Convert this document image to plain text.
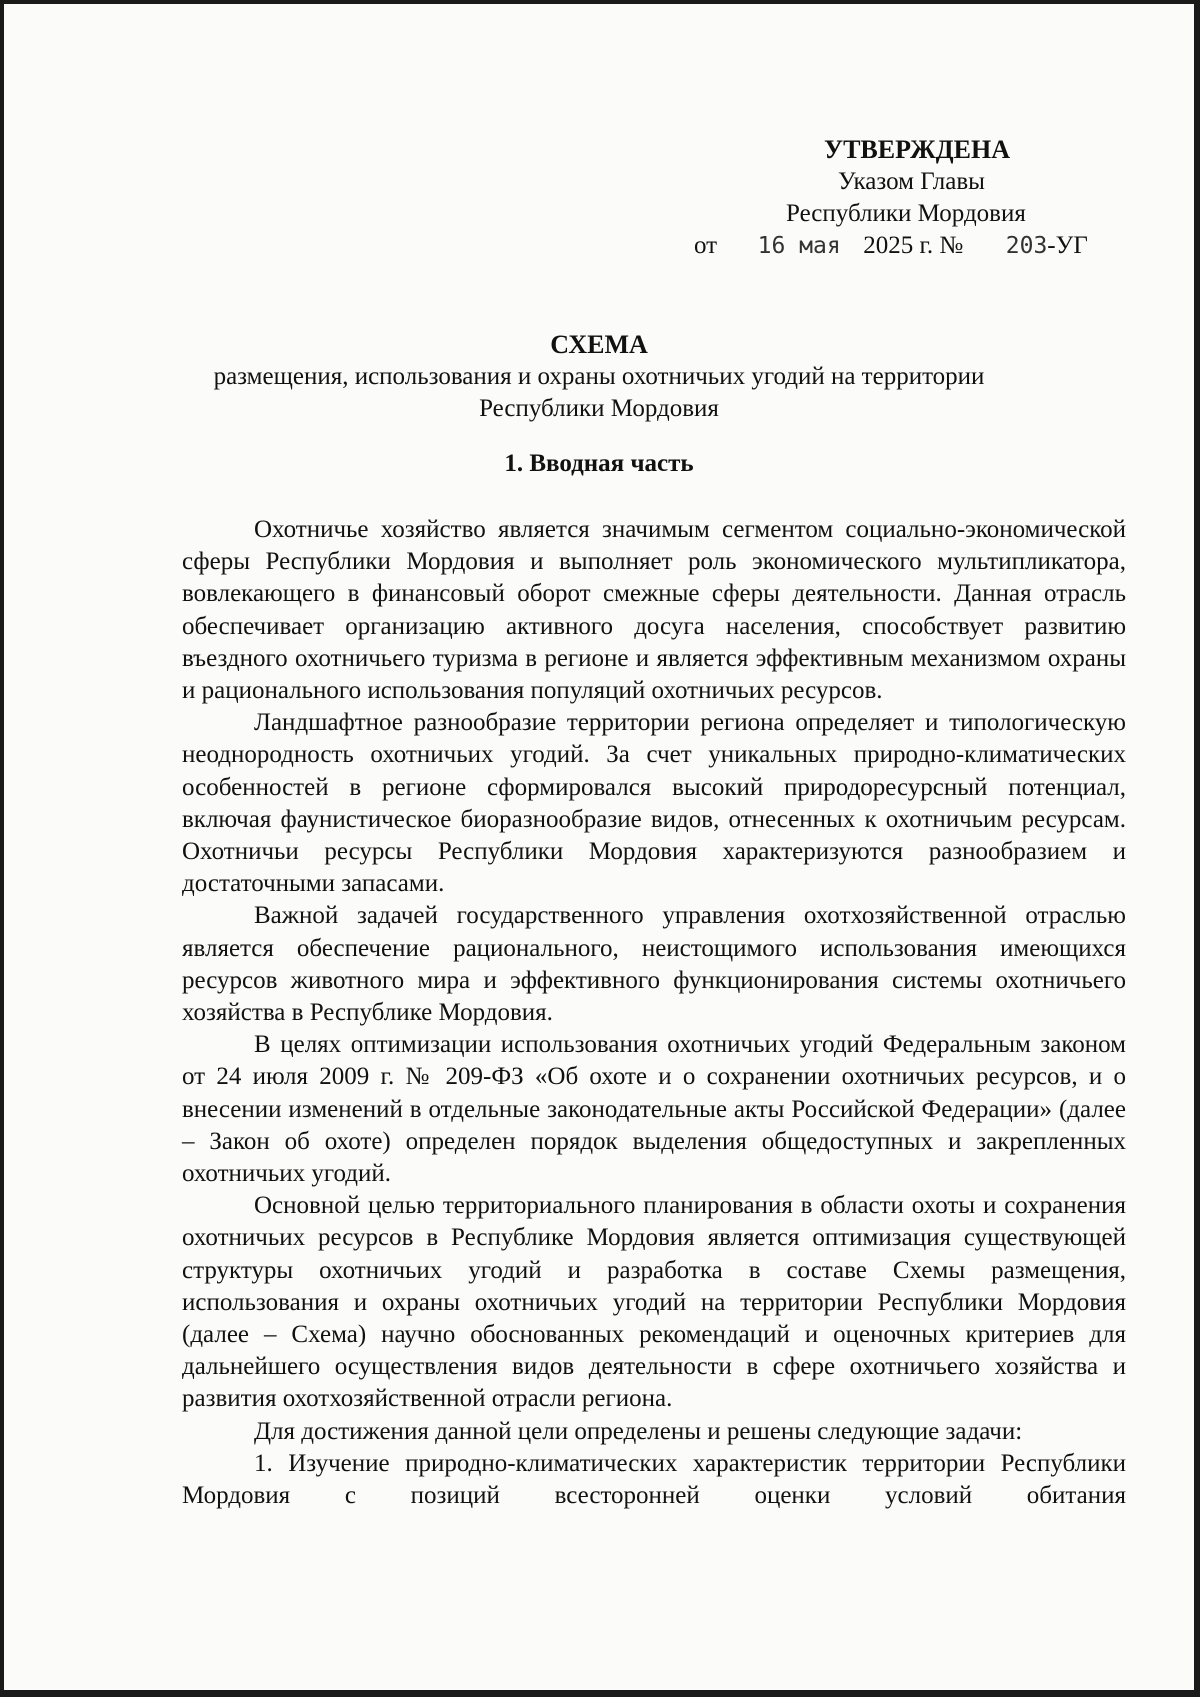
УТВЕРЖДЕНА
Указом Главы
Республики Мордовия
от 16 мая 2025 г. № 203-УГ
СХЕМА
размещения, использования и охраны охотничьих угодий на территории
Республики Мордовия
1. Вводная часть

Охотничье хозяйство является значимым сегментом социально-экономической сферы Республики Мордовия и выполняет роль экономического мультипликатора, вовлекающего в финансовый оборот смежные сферы деятельности. Данная отрасль обеспечивает организацию активного досуга населения, способствует развитию въездного охотничьего туризма в регионе и является эффективным механизмом охраны и рационального использования популяций охотничьих ресурсов.

Ландшафтное разнообразие территории региона определяет и типологическую неоднородность охотничьих угодий. За счет уникальных природно-климатических особенностей в регионе сформировался высокий природоресурсный потенциал, включая фаунистическое биоразнообразие видов, отнесенных к охотничьим ресурсам. Охотничьи ресурсы Республики Мордовия характеризуются разнообразием и достаточными запасами.

Важной задачей государственного управления охотхозяйственной отраслью является обеспечение рационального, неистощимого использования имеющихся ресурсов животного мира и эффективного функционирования системы охотничьего хозяйства в Республике Мордовия.

В целях оптимизации использования охотничьих угодий Федеральным законом от 24 июля 2009 г. № 209-ФЗ «Об охоте и о сохранении охотничьих ресурсов, и о внесении изменений в отдельные законодательные акты Российской Федерации» (далее – Закон об охоте) определен порядок выделения общедоступных и закрепленных охотничьих угодий.

Основной целью территориального планирования в области охоты и сохранения охотничьих ресурсов в Республике Мордовия является оптимизация существующей структуры охотничьих угодий и разработка в составе Схемы размещения, использования и охраны охотничьих угодий на территории Республики Мордовия (далее – Схема) научно обоснованных рекомендаций и оценочных критериев для дальнейшего осуществления видов деятельности в сфере охотничьего хозяйства и развития охотхозяйственной отрасли региона.

Для достижения данной цели определены и решены следующие задачи:

1. Изучение природно-климатических характеристик территории Республики Мордовия с позиций всесторонней оценки условий обитания
